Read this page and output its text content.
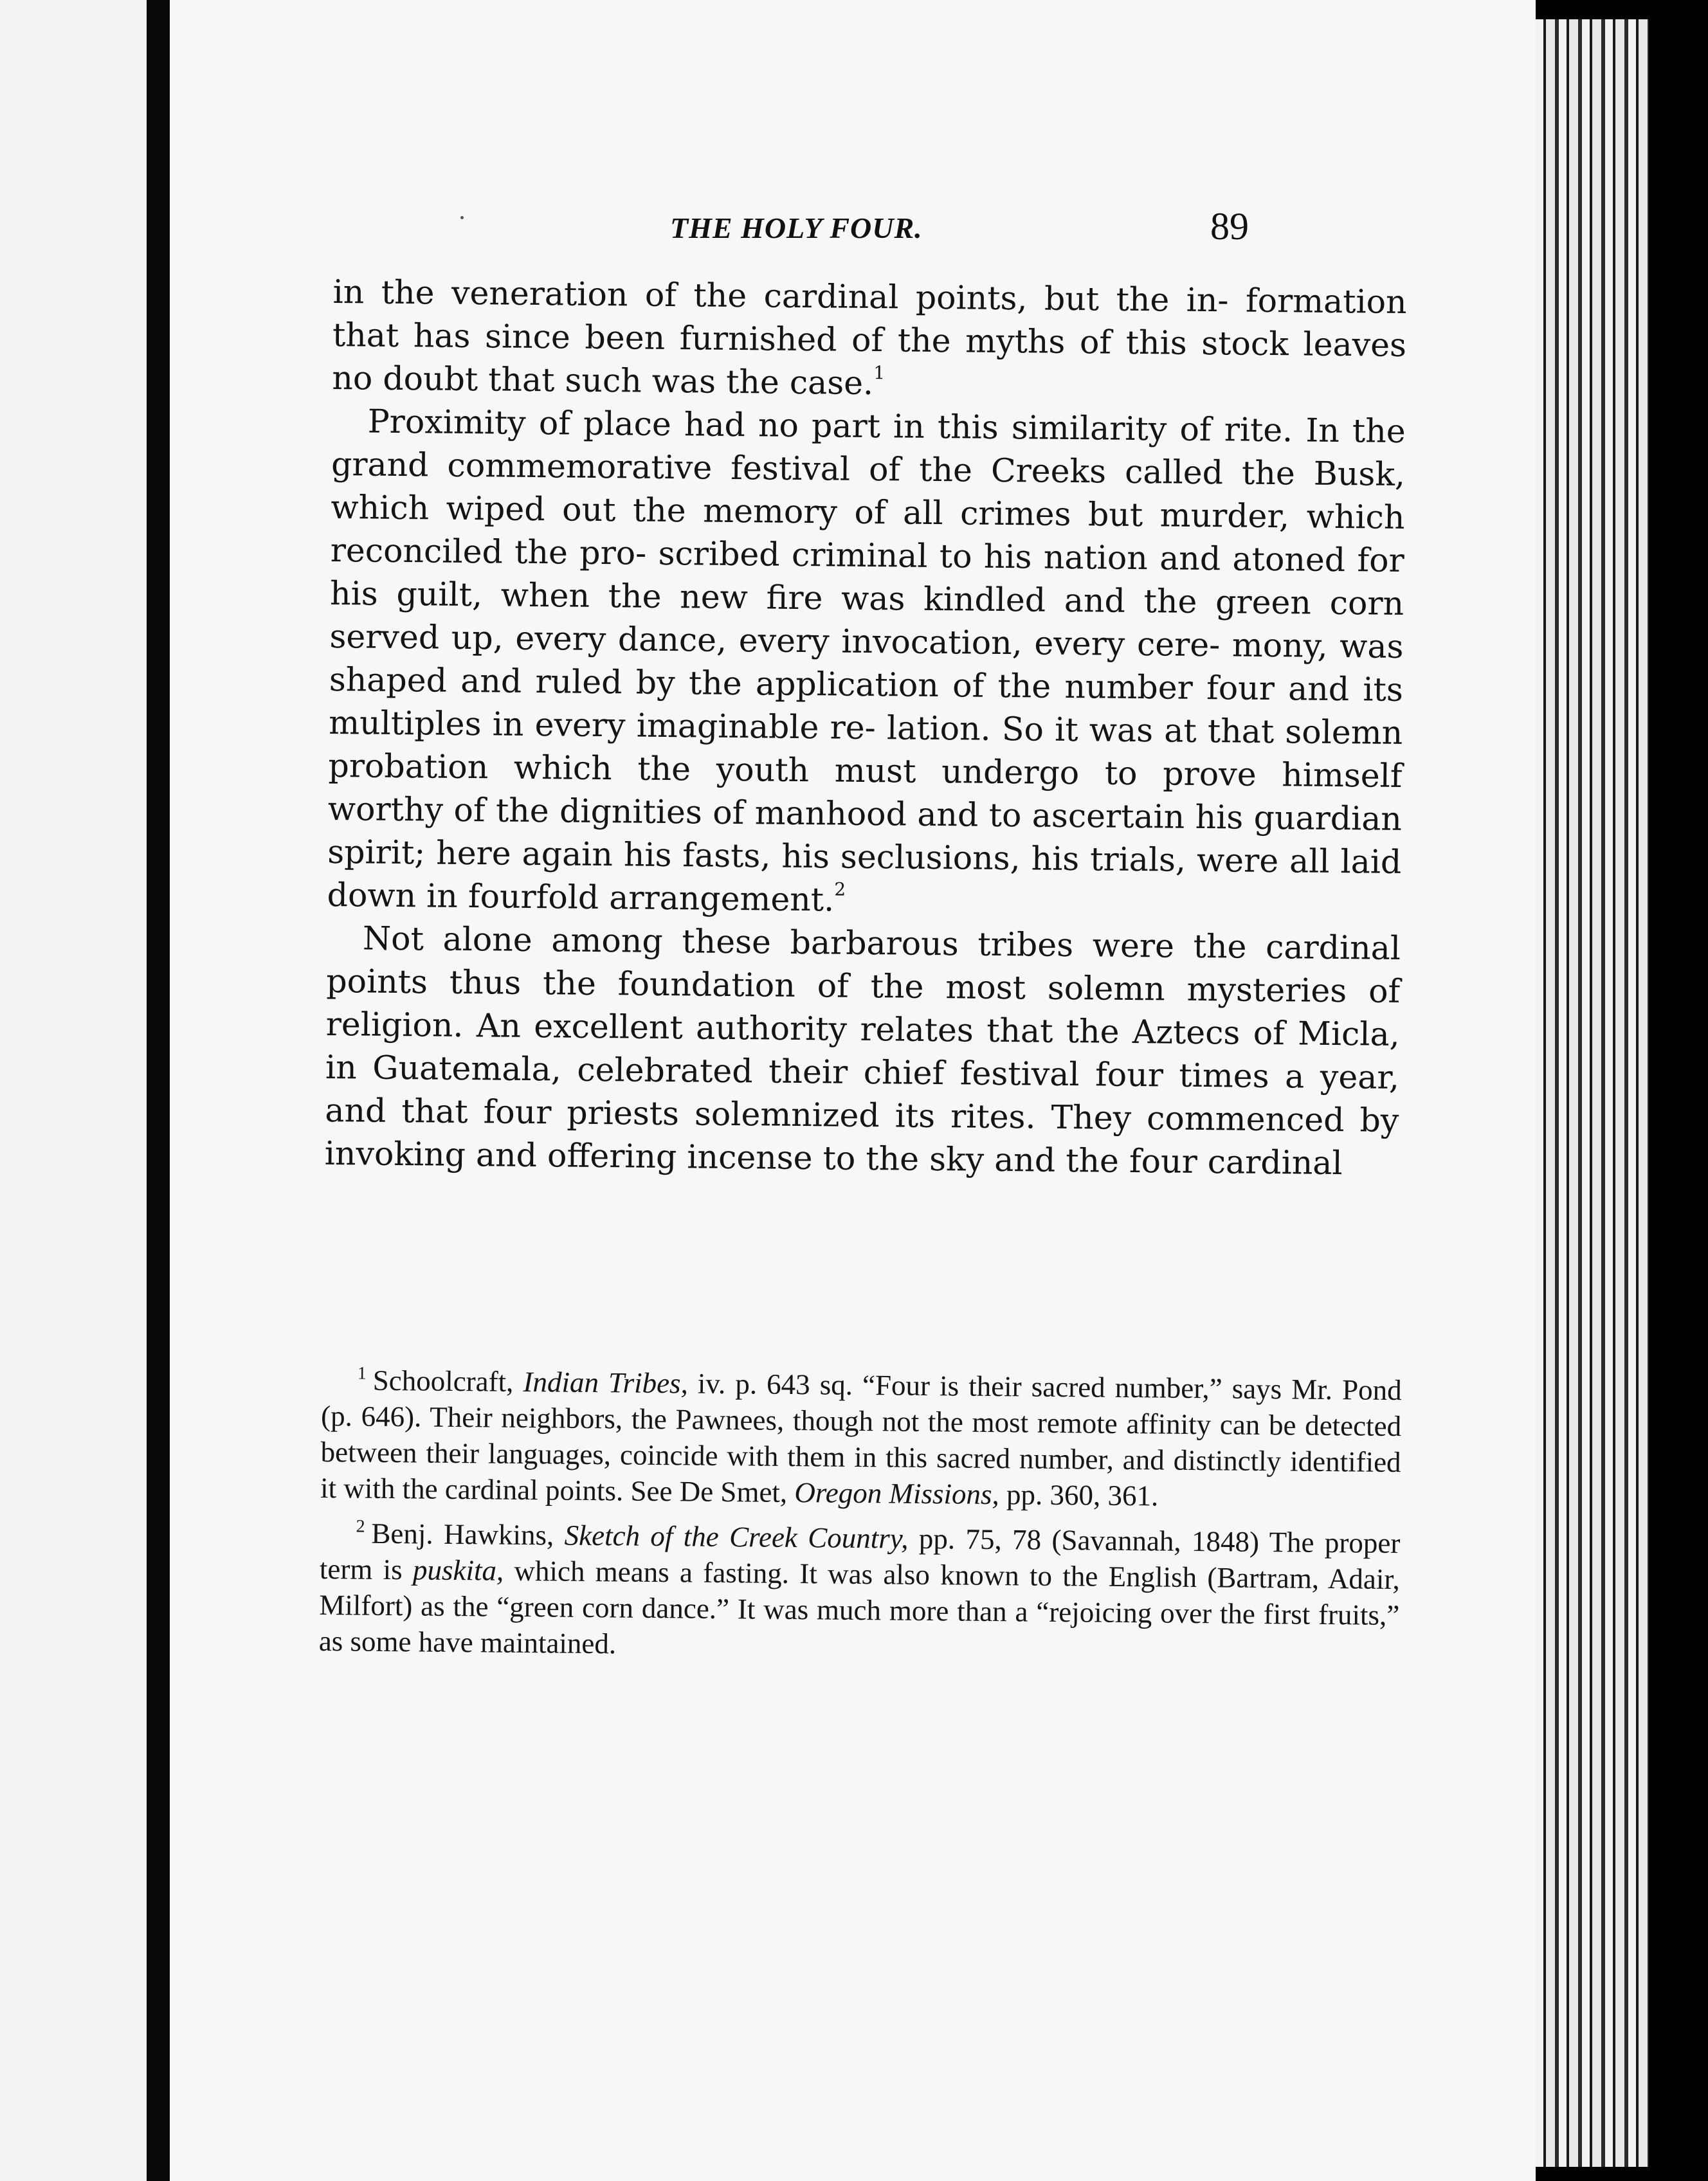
THE HOLY FOUR.	89

in the veneration of the cardinal points, but the in- formation that has since been furnished of the myths of this stock leaves no doubt that such was the case.$^1$

Proximity of place had no part in this similarity of rite. In the grand commemorative festival of the Creeks called the Busk, which wiped out the memory of all crimes but murder, which reconciled the pro- scribed criminal to his nation and atoned for his guilt, when the new fire was kindled and the green corn served up, every dance, every invocation, every cere- mony, was shaped and ruled by the application of the number four and its multiples in every imaginable re- lation. So it was at that solemn probation which the youth must undergo to prove himself worthy of the dignities of manhood and to ascertain his guardian spirit; here again his fasts, his seclusions, his trials, were all laid down in fourfold arrangement.$^2$

Not alone among these barbarous tribes were the cardinal points thus the foundation of the most solemn mysteries of religion. An excellent authority relates that the Aztecs of Micla, in Guatemala, celebrated their chief festival four times a year, and that four priests solemnized its rites. They commenced by invoking and offering incense to the sky and the four cardinal

$^1$ Schoolcraft, Indian Tribes, iv. p. 643 sq. “Four is their sacred number,” says Mr. Pond (p. 646). Their neighbors, the Pawnees, though not the most remote affinity can be detected between their languages, coincide with them in this sacred number, and distinctly identified it with the cardinal points. See De Smet, Oregon Missions, pp. 360, 361.

$^2$ Benj. Hawkins, Sketch of the Creek Country, pp. 75, 78 (Savannah, 1848) The proper term is puskita, which means a fasting. It was also known to the English (Bartram, Adair, Milfort) as the “green corn dance.” It was much more than a “rejoicing over the first fruits,” as some have maintained.
